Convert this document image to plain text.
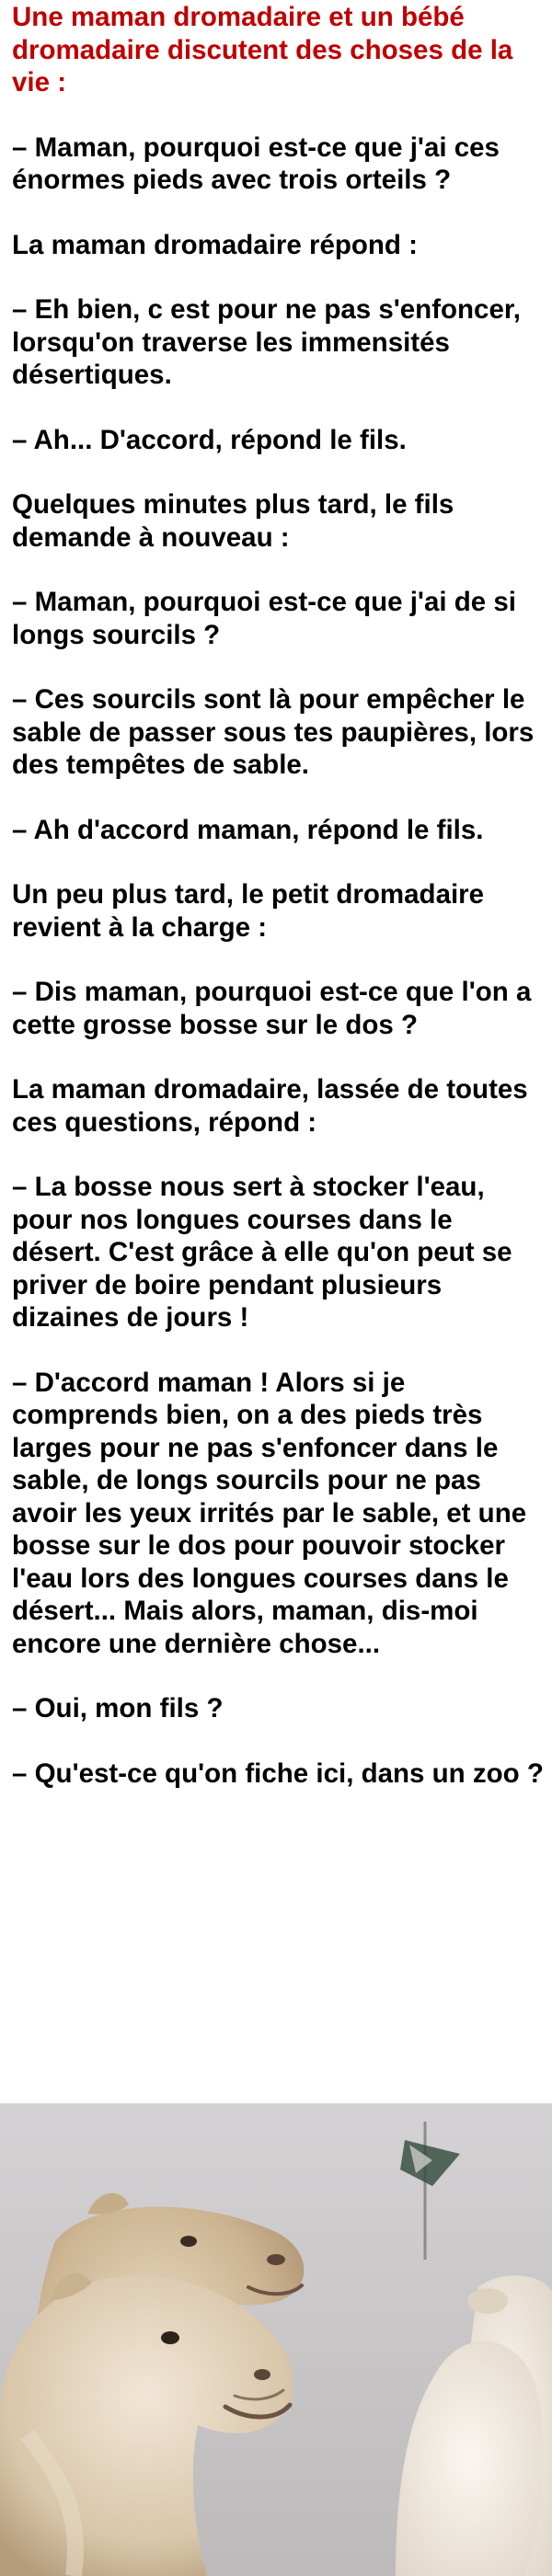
Une maman dromadaire et un bébé dromadaire discutent des choses de la vie :
– Maman, pourquoi est-ce que j'ai ces énormes pieds avec trois orteils ?
La maman dromadaire répond :
– Eh bien, c est pour ne pas s'enfoncer, lorsqu'on traverse les immensités désertiques.
– Ah... D'accord, répond le fils.
Quelques minutes plus tard, le fils demande à nouveau :
– Maman, pourquoi est-ce que j'ai de si longs sourcils ?
– Ces sourcils sont là pour empêcher le sable de passer sous tes paupières, lors des tempêtes de sable.
– Ah d'accord maman, répond le fils.
Un peu plus tard, le petit dromadaire revient à la charge :
– Dis maman, pourquoi est-ce que l'on a cette grosse bosse sur le dos ?
La maman dromadaire, lassée de toutes ces questions, répond :
– La bosse nous sert à stocker l'eau, pour nos longues courses dans le désert. C'est grâce à elle qu'on peut se priver de boire pendant plusieurs dizaines de jours !
– D'accord maman ! Alors si je comprends bien, on a des pieds très larges pour ne pas s'enfoncer dans le sable, de longs sourcils pour ne pas avoir les yeux irrités par le sable, et une bosse sur le dos pour pouvoir stocker l'eau lors des longues courses dans le désert... Mais alors, maman, dis-moi encore une dernière chose...
– Oui, mon fils ?
– Qu'est-ce qu'on fiche ici, dans un zoo ?
